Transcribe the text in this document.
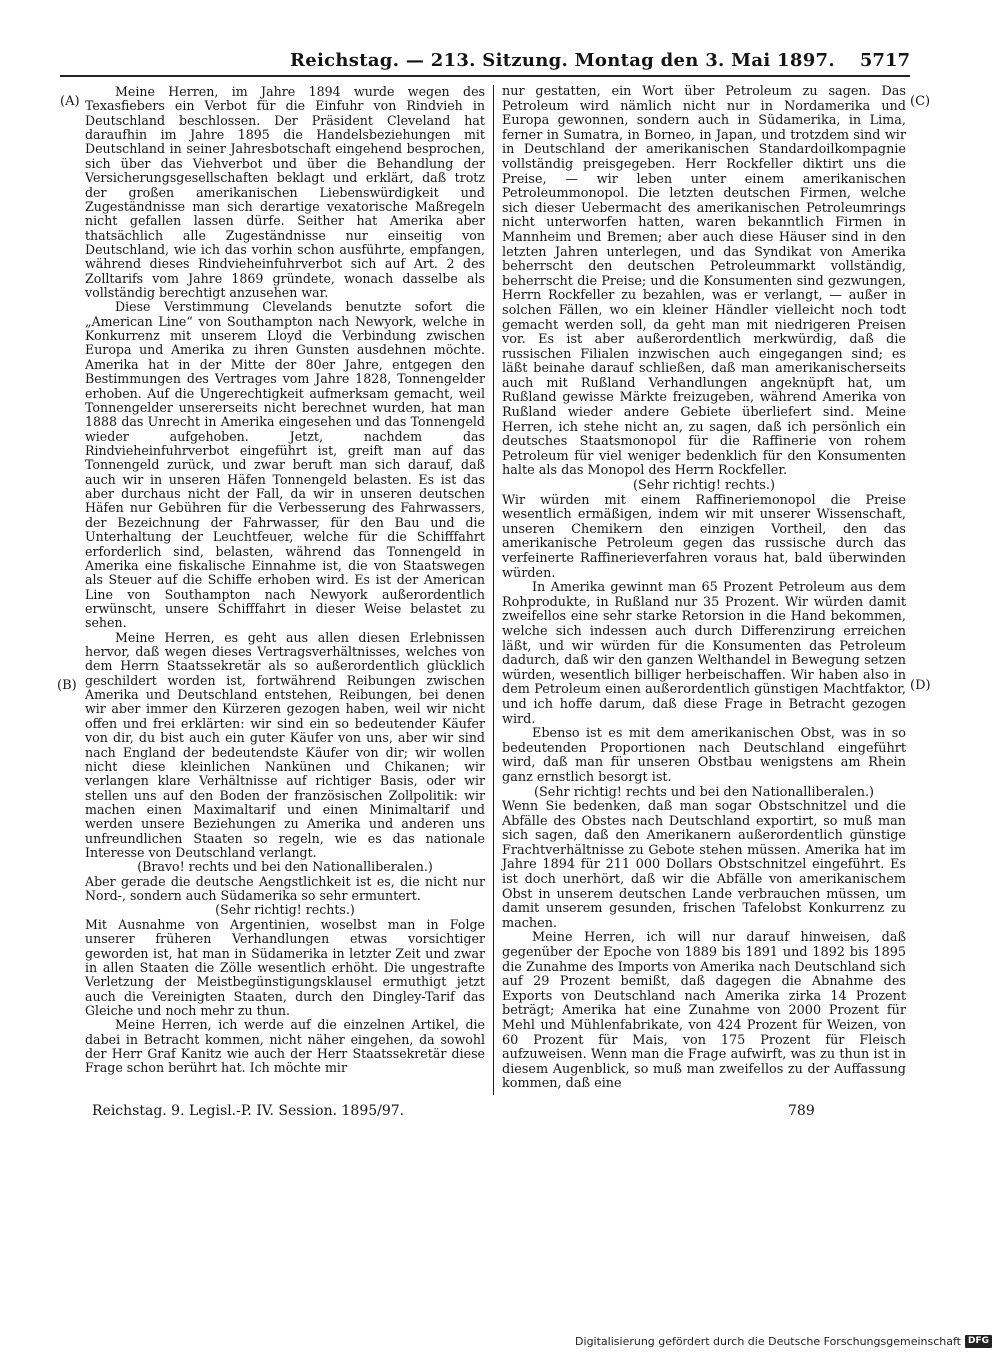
Reichstag. — 213. Sitzung. Montag den 3. Mai 1897. 5717
(A)
(B)
(C)
(D)

Meine Herren, im Jahre 1894 wurde wegen des Texasfiebers ein Verbot für die Einfuhr von Rindvieh in Deutschland beschlossen. Der Präsident Cleveland hat daraufhin im Jahre 1895 die Handelsbeziehungen mit Deutschland in seiner Jahresbotschaft eingehend besprochen, sich über das Viehverbot und über die Behandlung der Versicherungsgesellschaften beklagt und erklärt, daß trotz der großen amerikanischen Liebenswürdigkeit und Zugeständnisse man sich derartige vexatorische Maßregeln nicht gefallen lassen dürfe. Seither hat Amerika aber thatsächlich alle Zugeständnisse nur einseitig von Deutschland, wie ich das vorhin schon ausführte, empfangen, während dieses Rindvieheinfuhrverbot sich auf Art. 2 des Zolltarifs vom Jahre 1869 gründete, wonach dasselbe als vollständig berechtigt anzusehen war.

Diese Verstimmung Clevelands benutzte sofort die „American Line“ von Southampton nach Newyork, welche in Konkurrenz mit unserem Lloyd die Verbindung zwischen Europa und Amerika zu ihren Gunsten ausdehnen möchte. Amerika hat in der Mitte der 80er Jahre, entgegen den Bestimmungen des Vertrages vom Jahre 1828, Tonnengelder erhoben. Auf die Ungerechtigkeit aufmerksam gemacht, weil Tonnengelder unsererseits nicht berechnet wurden, hat man 1888 das Unrecht in Amerika eingesehen und das Tonnengeld wieder aufgehoben. Jetzt, nachdem das Rindvieheinfuhrverbot eingeführt ist, greift man auf das Tonnengeld zurück, und zwar beruft man sich darauf, daß auch wir in unseren Häfen Tonnengeld belasten. Es ist das aber durchaus nicht der Fall, da wir in unseren deutschen Häfen nur Gebühren für die Verbesserung des Fahrwassers, der Bezeichnung der Fahrwasser, für den Bau und die Unterhaltung der Leuchtfeuer, welche für die Schifffahrt erforderlich sind, belasten, während das Tonnengeld in Amerika eine fiskalische Einnahme ist, die von Staatswegen als Steuer auf die Schiffe erhoben wird. Es ist der American Line von Southampton nach Newyork außerordentlich erwünscht, unsere Schifffahrt in dieser Weise belastet zu sehen.

Meine Herren, es geht aus allen diesen Erlebnissen hervor, daß wegen dieses Vertragsverhältnisses, welches von dem Herrn Staatssekretär als so außerordentlich glücklich geschildert worden ist, fortwährend Reibungen zwischen Amerika und Deutschland entstehen, Reibungen, bei denen wir aber immer den Kürzeren gezogen haben, weil wir nicht offen und frei erklärten: wir sind ein so bedeutender Käufer von dir, du bist auch ein guter Käufer von uns, aber wir sind nach England der bedeutendste Käufer von dir; wir wollen nicht diese kleinlichen Nankünen und Chikanen; wir verlangen klare Verhältnisse auf richtiger Basis, oder wir stellen uns auf den Boden der französischen Zollpolitik: wir machen einen Maximaltarif und einen Minimaltarif und werden unsere Beziehungen zu Amerika und anderen uns unfreundlichen Staaten so regeln, wie es das nationale Interesse von Deutschland verlangt.

(Bravo! rechts und bei den Nationalliberalen.)

Aber gerade die deutsche Aengstlichkeit ist es, die nicht nur Nord-, sondern auch Südamerika so sehr ermuntert.

(Sehr richtig! rechts.)

Mit Ausnahme von Argentinien, woselbst man in Folge unserer früheren Verhandlungen etwas vorsichtiger geworden ist, hat man in Südamerika in letzter Zeit und zwar in allen Staaten die Zölle wesentlich erhöht. Die ungestrafte Verletzung der Meistbegünstigungsklausel ermuthigt jetzt auch die Vereinigten Staaten, durch den Dingley-Tarif das Gleiche und noch mehr zu thun.

Meine Herren, ich werde auf die einzelnen Artikel, die dabei in Betracht kommen, nicht näher eingehen, da sowohl der Herr Graf Kanitz wie auch der Herr Staatssekretär diese Frage schon berührt hat. Ich möchte mir

nur gestatten, ein Wort über Petroleum zu sagen. Das Petroleum wird nämlich nicht nur in Nordamerika und Europa gewonnen, sondern auch in Südamerika, in Lima, ferner in Sumatra, in Borneo, in Japan, und trotzdem sind wir in Deutschland der amerikanischen Standardoilkompagnie vollständig preisgegeben. Herr Rockfeller diktirt uns die Preise, — wir leben unter einem amerikanischen Petroleummonopol. Die letzten deutschen Firmen, welche sich dieser Uebermacht des amerikanischen Petroleumrings nicht unterworfen hatten, waren bekanntlich Firmen in Mannheim und Bremen; aber auch diese Häuser sind in den letzten Jahren unterlegen, und das Syndikat von Amerika beherrscht den deutschen Petroleummarkt vollständig, beherrscht die Preise; und die Konsumenten sind gezwungen, Herrn Rockfeller zu bezahlen, was er verlangt, — außer in solchen Fällen, wo ein kleiner Händler vielleicht noch todt gemacht werden soll, da geht man mit niedrigeren Preisen vor. Es ist aber außerordentlich merkwürdig, daß die russischen Filialen inzwischen auch eingegangen sind; es läßt beinahe darauf schließen, daß man amerikanischerseits auch mit Rußland Verhandlungen angeknüpft hat, um Rußland gewisse Märkte freizugeben, während Amerika von Rußland wieder andere Gebiete überliefert sind. Meine Herren, ich stehe nicht an, zu sagen, daß ich persönlich ein deutsches Staatsmonopol für die Raffinerie von rohem Petroleum für viel weniger bedenklich für den Konsumenten halte als das Monopol des Herrn Rockfeller.

(Sehr richtig! rechts.)

Wir würden mit einem Raffineriemonopol die Preise wesentlich ermäßigen, indem wir mit unserer Wissenschaft, unseren Chemikern den einzigen Vortheil, den das amerikanische Petroleum gegen das russische durch das verfeinerte Raffinerieverfahren voraus hat, bald überwinden würden.

In Amerika gewinnt man 65 Prozent Petroleum aus dem Rohprodukte, in Rußland nur 35 Prozent. Wir würden damit zweifellos eine sehr starke Retorsion in die Hand bekommen, welche sich indessen auch durch Differenzirung erreichen läßt, und wir würden für die Konsumenten das Petroleum dadurch, daß wir den ganzen Welthandel in Bewegung setzen würden, wesentlich billiger herbeischaffen. Wir haben also in dem Petroleum einen außerordentlich günstigen Machtfaktor, und ich hoffe darum, daß diese Frage in Betracht gezogen wird.

Ebenso ist es mit dem amerikanischen Obst, was in so bedeutenden Proportionen nach Deutschland eingeführt wird, daß man für unseren Obstbau wenigstens am Rhein ganz ernstlich besorgt ist.

(Sehr richtig! rechts und bei den Nationalliberalen.)

Wenn Sie bedenken, daß man sogar Obstschnitzel und die Abfälle des Obstes nach Deutschland exportirt, so muß man sich sagen, daß den Amerikanern außerordentlich günstige Frachtverhältnisse zu Gebote stehen müssen. Amerika hat im Jahre 1894 für 211 000 Dollars Obstschnitzel eingeführt. Es ist doch unerhört, daß wir die Abfälle von amerikanischem Obst in unserem deutschen Lande verbrauchen müssen, um damit unserem gesunden, frischen Tafelobst Konkurrenz zu machen.

Meine Herren, ich will nur darauf hinweisen, daß gegenüber der Epoche von 1889 bis 1891 und 1892 bis 1895 die Zunahme des Imports von Amerika nach Deutschland sich auf 29 Prozent bemißt, daß dagegen die Abnahme des Exports von Deutschland nach Amerika zirka 14 Prozent beträgt; Amerika hat eine Zunahme von 2000 Prozent für Mehl und Mühlenfabrikate, von 424 Prozent für Weizen, von 60 Prozent für Mais, von 175 Prozent für Fleisch aufzuweisen. Wenn man die Frage aufwirft, was zu thun ist in diesem Augenblick, so muß man zweifellos zu der Auffassung kommen, daß eine

Reichstag. 9. Legisl.-P. IV. Session. 1895/97.	789
Digitalisierung gefördert durch die Deutsche Forschungsgemeinschaft DFG
